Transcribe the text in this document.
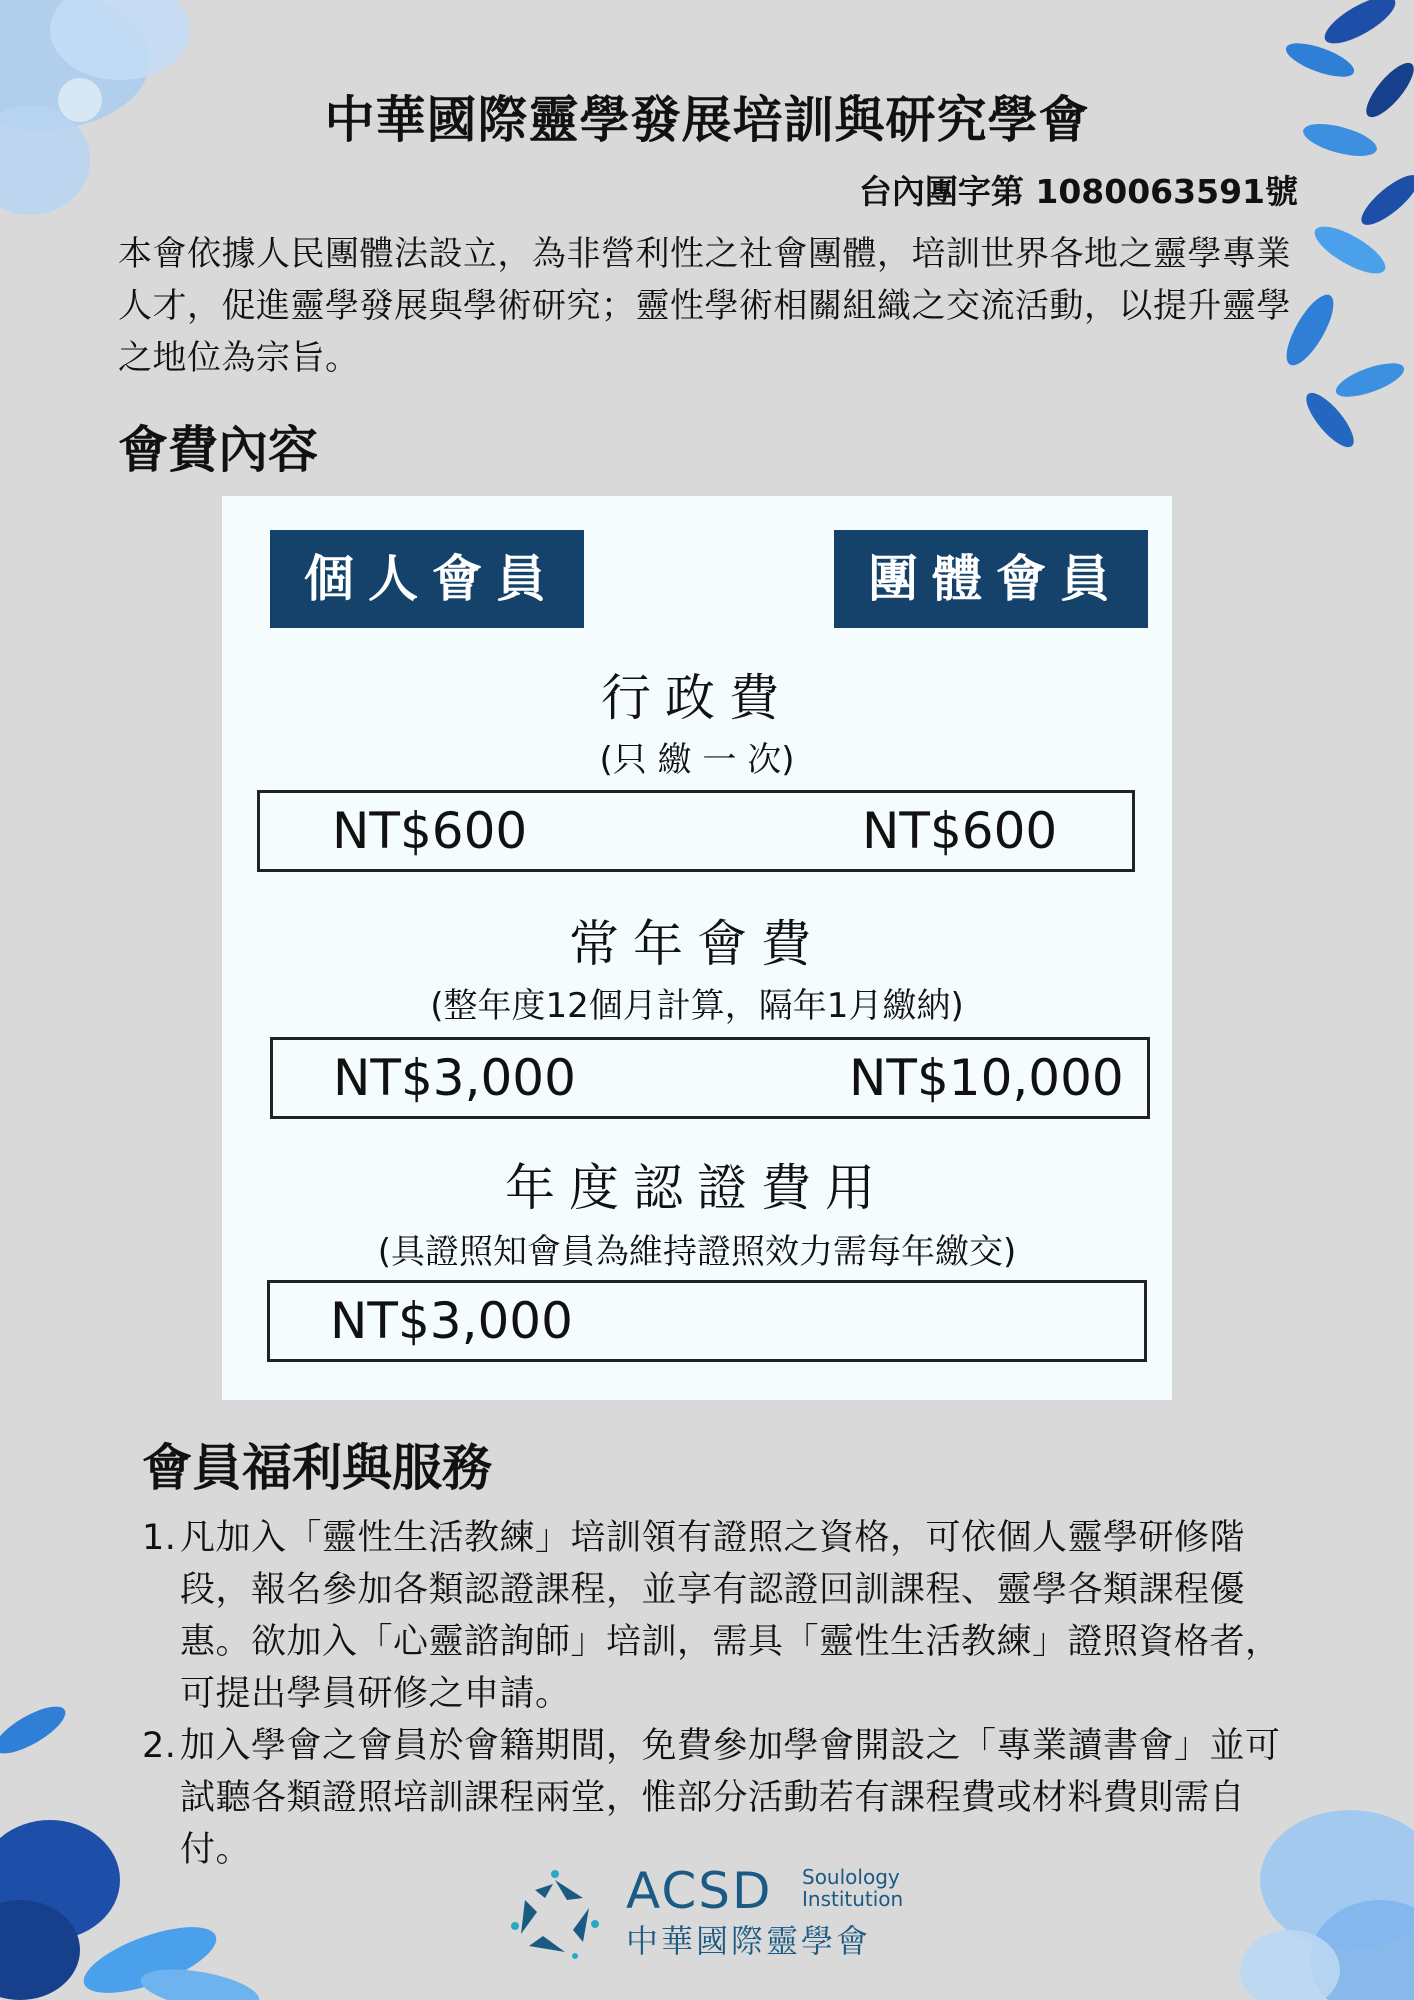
中華國際靈學發展培訓與研究學會
台內團字第 1080063591號
本會依據人民團體法設立，為非營利性之社會團體，培訓世界各地之靈學專業人才，促進靈學發展與學術研究；靈性學術相關組織之交流活動，以提升靈學之地位為宗旨。
會費內容
個人會員	團體會員
行政費
(只 繳 一 次)
NT$600	NT$600
常年會費
(整年度12個月計算，隔年1月繳納)
NT$3,000	NT$10,000
年度認證費用
(具證照知會員為維持證照效力需每年繳交)
NT$3,000
會員福利與服務
1. 凡加入「靈性生活教練」培訓領有證照之資格，可依個人靈學研修階 段，報名參加各類認證課程，並享有認證回訓課程、靈學各類課程優惠。欲加入「心靈諮詢師」培訓，需具「靈性生活教練」證照資格者，可提出學員研修之申請。
2. 加入學會之會員於會籍期間，免費參加學會開設之「專業讀書會」並可試聽各類證照培訓課程兩堂，惟部分活動若有課程費或材料費則需自付。
ACSD Soulology
Institution
中華國際靈學會
